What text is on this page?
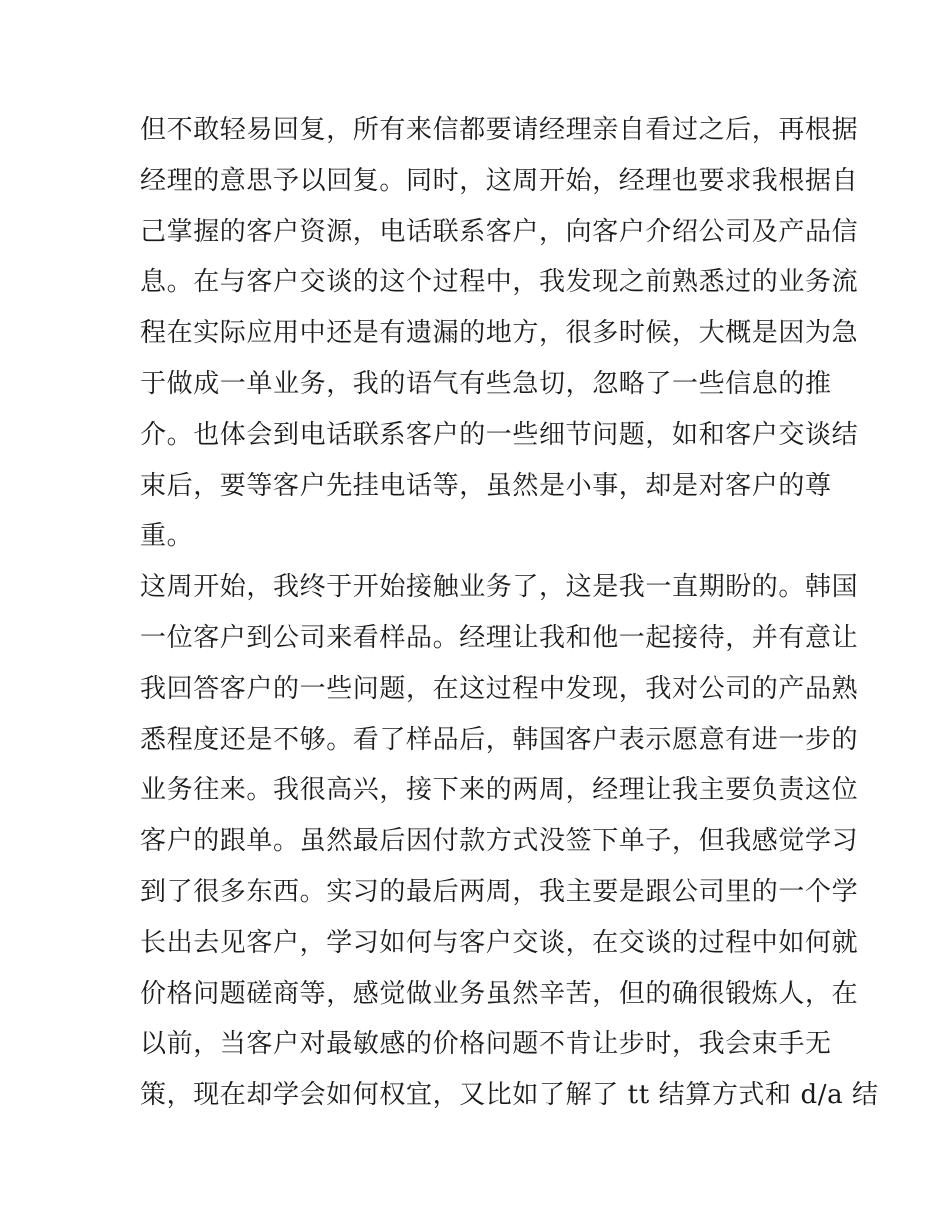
但不敢轻易回复，所有来信都要请经理亲自看过之后，再根据
经理的意思予以回复。同时，这周开始，经理也要求我根据自
己掌握的客户资源，电话联系客户，向客户介绍公司及产品信
息。在与客户交谈的这个过程中，我发现之前熟悉过的业务流
程在实际应用中还是有遗漏的地方，很多时候，大概是因为急
于做成一单业务，我的语气有些急切，忽略了一些信息的推
介。也体会到电话联系客户的一些细节问题，如和客户交谈结
束后，要等客户先挂电话等，虽然是小事，却是对客户的尊
重。
这周开始，我终于开始接触业务了，这是我一直期盼的。韩国
一位客户到公司来看样品。经理让我和他一起接待，并有意让
我回答客户的一些问题，在这过程中发现，我对公司的产品熟
悉程度还是不够。看了样品后，韩国客户表示愿意有进一步的
业务往来。我很高兴，接下来的两周，经理让我主要负责这位
客户的跟单。虽然最后因付款方式没签下单子，但我感觉学习
到了很多东西。实习的最后两周，我主要是跟公司里的一个学
长出去见客户，学习如何与客户交谈，在交谈的过程中如何就
价格问题磋商等，感觉做业务虽然辛苦，但的确很锻炼人，在
以前，当客户对最敏感的价格问题不肯让步时，我会束手无
策，现在却学会如何权宜，又比如了解了 tt 结算方式和 d/a 结
